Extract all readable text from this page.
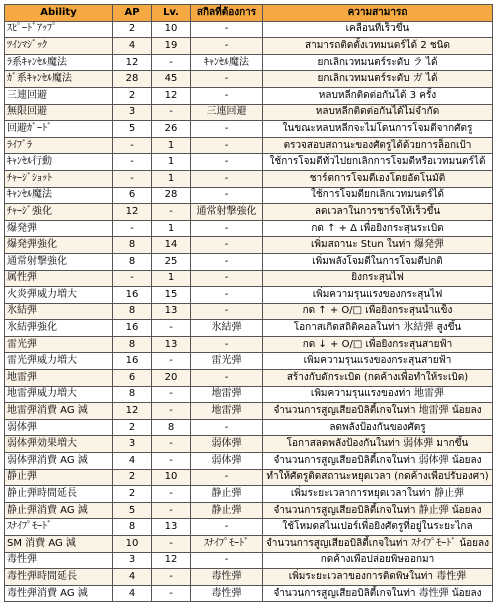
Ability	AP	Lv.	สกิลที่ต้องการ	ความสามารถ
ｽﾋﾟｰﾄﾞｱｯﾌﾟ	2	10	-	เคลื่อนที่เร็วขึ้น
ﾂｲﾝﾏｼﾞｯｸ	4	19	-	สามารถติดตั้งเวทมนตร์ได้ 2 ชนิด
ﾗ系ｷｬﾝｾﾙ魔法	12	-	ｷｬﾝｾﾙ魔法	ยกเลิกเวทมนตร์ระดับ ラ ได้
ｶﾞ系ｷｬﾝｾﾙ魔法	28	45	-	ยกเลิกเวทมนตร์ระดับ ガ ได้
三連回避	2	12	-	หลบหลีกติดต่อกันได้ 3 ครั้ง
無限回避	3	-	三連回避	หลบหลีกติดต่อกันได้ไม่จำกัด
回避ｶﾞｰﾄﾞ	5	26	-	ในขณะหลบหลีกจะไม่โดนการโจมตีจากศัตรู
ﾗｲﾌﾞﾗ	-	1	-	ตรวจสอบสถานะของศัตรูได้ด้วยการล็อกเป้า
ｷｬﾝｾﾙ行動	-	1	-	ใช้การโจมตีทั่วไปยกเลิกการโจมตีหรือเวทมนตร์ได้
ﾁｬｰｼﾞｼｮｯﾄ	-	1	-	ชาร์ตการโจมตีเองโดยอัตโนมัติ
ｷｬﾝｾﾙ魔法	6	28	-	ใช้การโจมตียกเลิกเวทมนตร์ได้
ﾁｬｰｼﾞ強化	12	-	通常射撃強化	ลดเวลาในการชาร์จให้เร็วขึ้น
爆発弾	-	1	-	กด ↑ + Δ เพื่อยิงกระสุนระเบิด
爆発弾強化	8	14	-	เพิ่มสถานะ Stun ในท่า 爆発弾
通常射撃強化	8	25	-	เพิ่มพลังโจมตีในการโจมตีปกติ
属性弾	-	1	-	ยิงกระสุนไฟ
火炎弾威力増大	16	15	-	เพิ่มความรุนแรงของกระสุนไฟ
氷結弾	8	13	-	กด ↑ + O/□ เพื่อยิงกระสุนน้ำแข็ง
氷結弾強化	16	-	氷結弾	โอกาสเกิดสถิติคอลในท่า 氷結弾 สูงขึ้น
雷光弾	8	13	-	กด ↓ + O/□ เพื่อยิงกระสุนสายฟ้า
雷光弾威力増大	16	-	雷光弾	เพิ่มความรุนแรงของกระสุนสายฟ้า
地雷弾	6	20	-	สร้างกับดักระเบิด (กดค้างเพื่อทำให้ระเบิด)
地雷弾威力増大	8	-	地雷弾	เพิ่มความรุนแรงของท่า 地雷弾
地雷弾消費 AG 減	12	-	地雷弾	จำนวนการสูญเสียอบิลิตี้เกจในท่า 地雷弾 น้อยลง
弱体弾	2	8	-	ลดพลังป้องกันของศัตรู
弱体弾効果増大	3	-	弱体弾	โอกาสลดพลังป้องกันในท่า 弱体弾 มากขึ้น
弱体弾消費 AG 減	4	-	弱体弾	จำนวนการสูญเสียอบิลิตี้เกจในท่า 弱体弾 น้อยลง
静止弾	2	10	-	ทำให้ศัตรูติดสถานะหยุดเวลา (กดค้างเพื่อปรับองศา)
静止弾時間延長	2	-	静止弾	เพิ่มระยะเวลาการหยุดเวลาในท่า 静止弾
静止弾消費 AG 減	5	-	静止弾	จำนวนการสูญเสียอบิลิตี้เกจในท่า 静止弾 น้อยลง
ｽﾅｲﾌﾟﾓｰﾄﾞ	8	13	-	ใช้โหมดสไนเปอร์เพื่อยิงศัตรูที่อยู่ในระยะไกล
SM 消費 AG 減	10	-	ｽﾅｲﾌﾟﾓｰﾄﾞ	จำนวนการสูญเสียอบิลิตี้เกจในท่า ｽﾅｲﾌﾟﾓｰﾄﾞ น้อยลง
毒性弾	3	12	-	กดค้างเพื่อปล่อยพิษออกมา
毒性弾時間延長	4	-	毒性弾	เพิ่มระยะเวลาของการติดพิษในท่า 毒性弾
毒性弾消費 AG 減	4	-	毒性弾	จำนวนการสูญเสียอบิลิตี้เกจในท่า 毒性弾 น้อยลง
